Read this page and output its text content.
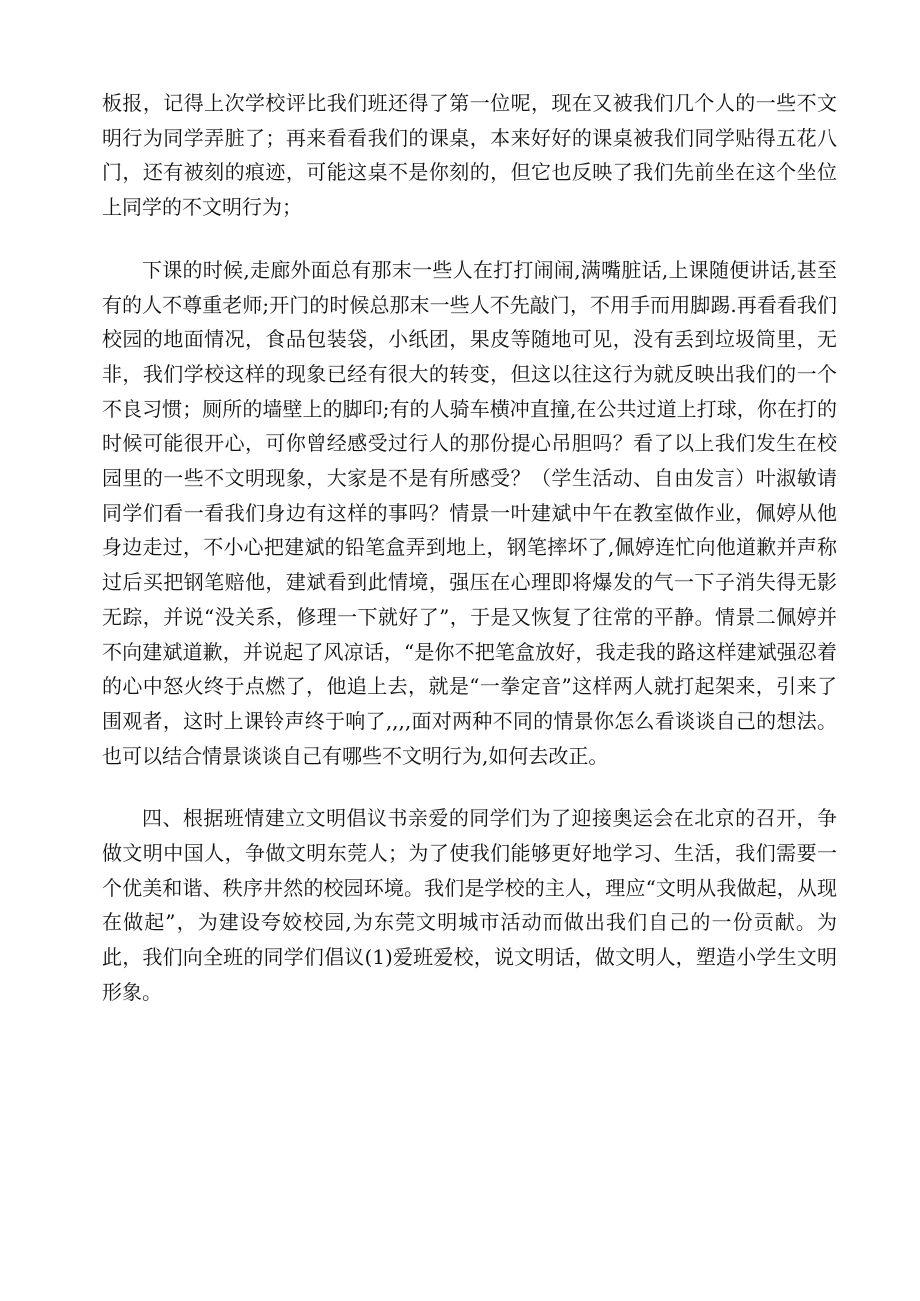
板报，记得上次学校评比我们班还得了第一位呢，现在又被我们几个人的一些不文明行为同学弄脏了；再来看看我们的课桌，本来好好的课桌被我们同学贴得五花八门，还有被刻的痕迹，可能这桌不是你刻的，但它也反映了我们先前坐在这个坐位上同学的不文明行为；

下课的时候,走廊外面总有那末一些人在打打闹闹,满嘴脏话,上课随便讲话,甚至有的人不尊重老师;开门的时候总那末一些人不先敲门，不用手而用脚踢.再看看我们校园的地面情况，食品包装袋，小纸团，果皮等随地可见，没有丢到垃圾筒里，无非，我们学校这样的现象已经有很大的转变，但这以往这行为就反映出我们的一个不良习惯；厕所的墙壁上的脚印;有的人骑车横冲直撞,在公共过道上打球，你在打的时候可能很开心，可你曾经感受过行人的那份提心吊胆吗？看了以上我们发生在校园里的一些不文明现象，大家是不是有所感受？（学生活动、自由发言）叶淑敏请同学们看一看我们身边有这样的事吗？情景一叶建斌中午在教室做作业，佩婷从他身边走过，不小心把建斌的铅笔盒弄到地上，钢笔摔坏了,佩婷连忙向他道歉并声称过后买把钢笔赔他，建斌看到此情境，强压在心理即将爆发的气一下子消失得无影无踪，并说“没关系，修理一下就好了”，于是又恢复了往常的平静。情景二佩婷并不向建斌道歉，并说起了风凉话，“是你不把笔盒放好，我走我的路这样建斌强忍着的心中怒火终于点燃了，他追上去，就是“一拳定音”这样两人就打起架来，引来了围观者，这时上课铃声终于响了,,,,面对两种不同的情景你怎么看谈谈自己的想法。也可以结合情景谈谈自己有哪些不文明行为,如何去改正。

四、根据班情建立文明倡议书亲爱的同学们为了迎接奥运会在北京的召开，争做文明中国人，争做文明东莞人；为了使我们能够更好地学习、生活，我们需要一个优美和谐、秩序井然的校园环境。我们是学校的主人，理应“文明从我做起，从现在做起”，为建设夸姣校园,为东莞文明城市活动而做出我们自己的一份贡献。为此，我们向全班的同学们倡议(1)爱班爱校，说文明话，做文明人，塑造小学生文明形象。
